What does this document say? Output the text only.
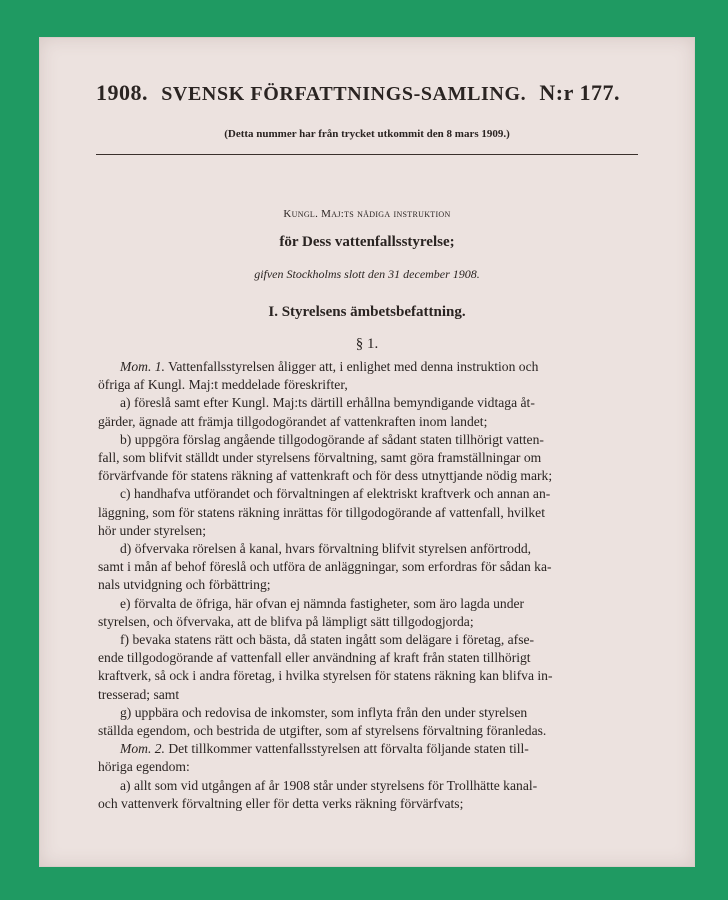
1908. SVENSK FÖRFATTNINGS-SAMLING. N:r 177.
(Detta nummer har från trycket utkommit den 8 mars 1909.)
Kungl. Maj:ts nådiga instruktion
för Dess vattenfallsstyrelse;
gifven Stockholms slott den 31 december 1908.
I. Styrelsens ämbetsbefattning.
§ 1.
Mom. 1. Vattenfallsstyrelsen åligger att, i enlighet med denna instruktion och
öfriga af Kungl. Maj:t meddelade föreskrifter,
a) föreslå samt efter Kungl. Maj:ts därtill erhållna bemyndigande vidtaga åt-
gärder, ägnade att främja tillgodogörandet af vattenkraften inom landet;
b) uppgöra förslag angående tillgodogörande af sådant staten tillhörigt vatten-
fall, som blifvit ställdt under styrelsens förvaltning, samt göra framställningar om
förvärfvande för statens räkning af vattenkraft och för dess utnyttjande nödig mark;
c) handhafva utförandet och förvaltningen af elektriskt kraftverk och annan an-
läggning, som för statens räkning inrättas för tillgodogörande af vattenfall, hvilket
hör under styrelsen;
d) öfvervaka rörelsen å kanal, hvars förvaltning blifvit styrelsen anförtrodd,
samt i mån af behof föreslå och utföra de anläggningar, som erfordras för sådan ka-
nals utvidgning och förbättring;
e) förvalta de öfriga, här ofvan ej nämnda fastigheter, som äro lagda under
styrelsen, och öfvervaka, att de blifva på lämpligt sätt tillgodogjorda;
f) bevaka statens rätt och bästa, då staten ingått som delägare i företag, afse-
ende tillgodogörande af vattenfall eller användning af kraft från staten tillhörigt
kraftverk, så ock i andra företag, i hvilka styrelsen för statens räkning kan blifva in-
tresserad; samt
g) uppbära och redovisa de inkomster, som inflyta från den under styrelsen
ställda egendom, och bestrida de utgifter, som af styrelsens förvaltning föranledas.
Mom. 2. Det tillkommer vattenfallsstyrelsen att förvalta följande staten till-
höriga egendom:
a) allt som vid utgången af år 1908 står under styrelsens för Trollhätte kanal-
och vattenverk förvaltning eller för detta verks räkning förvärfvats;
